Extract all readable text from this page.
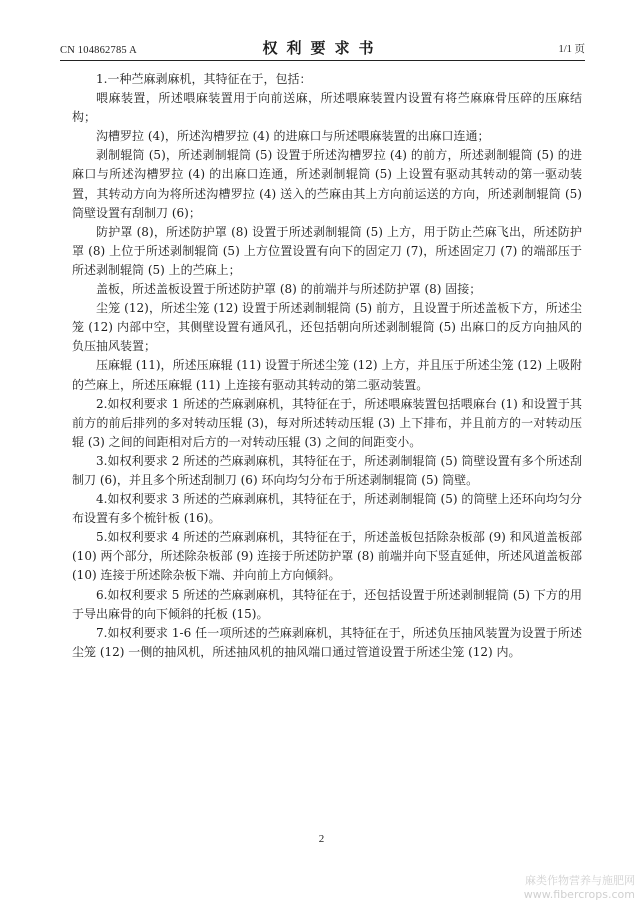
CN 104862785 A	权利要求书	1/1 页

1.一种苎麻剥麻机，其特征在于，包括：

喂麻装置，所述喂麻装置用于向前送麻，所述喂麻装置内设置有将苎麻麻骨压碎的压麻结构；

沟槽罗拉 (4)，所述沟槽罗拉 (4) 的进麻口与所述喂麻装置的出麻口连通；

剥制辊筒 (5)，所述剥制辊筒 (5) 设置于所述沟槽罗拉 (4) 的前方，所述剥制辊筒 (5) 的进麻口与所述沟槽罗拉 (4) 的出麻口连通，所述剥制辊筒 (5) 上设置有驱动其转动的第一驱动装置，其转动方向为将所述沟槽罗拉 (4) 送入的苎麻由其上方向前运送的方向，所述剥制辊筒 (5) 筒壁设置有刮制刀 (6)；

防护罩 (8)，所述防护罩 (8) 设置于所述剥制辊筒 (5) 上方，用于防止苎麻飞出，所述防护罩 (8) 上位于所述剥制辊筒 (5) 上方位置设置有向下的固定刀 (7)，所述固定刀 (7) 的端部压于所述剥制辊筒 (5) 上的苎麻上；

盖板，所述盖板设置于所述防护罩 (8) 的前端并与所述防护罩 (8) 固接；

尘笼 (12)，所述尘笼 (12) 设置于所述剥制辊筒 (5) 前方，且设置于所述盖板下方，所述尘笼 (12) 内部中空，其侧壁设置有通风孔，还包括朝向所述剥制辊筒 (5) 出麻口的反方向抽风的负压抽风装置；

压麻辊 (11)，所述压麻辊 (11) 设置于所述尘笼 (12) 上方，并且压于所述尘笼 (12) 上吸附的苎麻上，所述压麻辊 (11) 上连接有驱动其转动的第二驱动装置。

2.如权利要求 1 所述的苎麻剥麻机，其特征在于，所述喂麻装置包括喂麻台 (1) 和设置于其前方的前后排列的多对转动压辊 (3)，每对所述转动压辊 (3) 上下排布，并且前方的一对转动压辊 (3) 之间的间距相对后方的一对转动压辊 (3) 之间的间距变小。

3.如权利要求 2 所述的苎麻剥麻机，其特征在于，所述剥制辊筒 (5) 筒壁设置有多个所述刮制刀 (6)，并且多个所述刮制刀 (6) 环向均匀分布于所述剥制辊筒 (5) 筒壁。

4.如权利要求 3 所述的苎麻剥麻机，其特征在于，所述剥制辊筒 (5) 的筒壁上还环向均匀分布设置有多个梳针板 (16)。

5.如权利要求 4 所述的苎麻剥麻机，其特征在于，所述盖板包括除杂板部 (9) 和风道盖板部 (10) 两个部分，所述除杂板部 (9) 连接于所述防护罩 (8) 前端并向下竖直延伸，所述风道盖板部 (10) 连接于所述除杂板下端、并向前上方向倾斜。

6.如权利要求 5 所述的苎麻剥麻机，其特征在于，还包括设置于所述剥制辊筒 (5) 下方的用于导出麻骨的向下倾斜的托板 (15)。

7.如权利要求 1-6 任一项所述的苎麻剥麻机，其特征在于，所述负压抽风装置为设置于所述尘笼 (12) 一侧的抽风机，所述抽风机的抽风端口通过管道设置于所述尘笼 (12) 内。

2
麻类作物营养与施肥网
www.fibercrops.com
